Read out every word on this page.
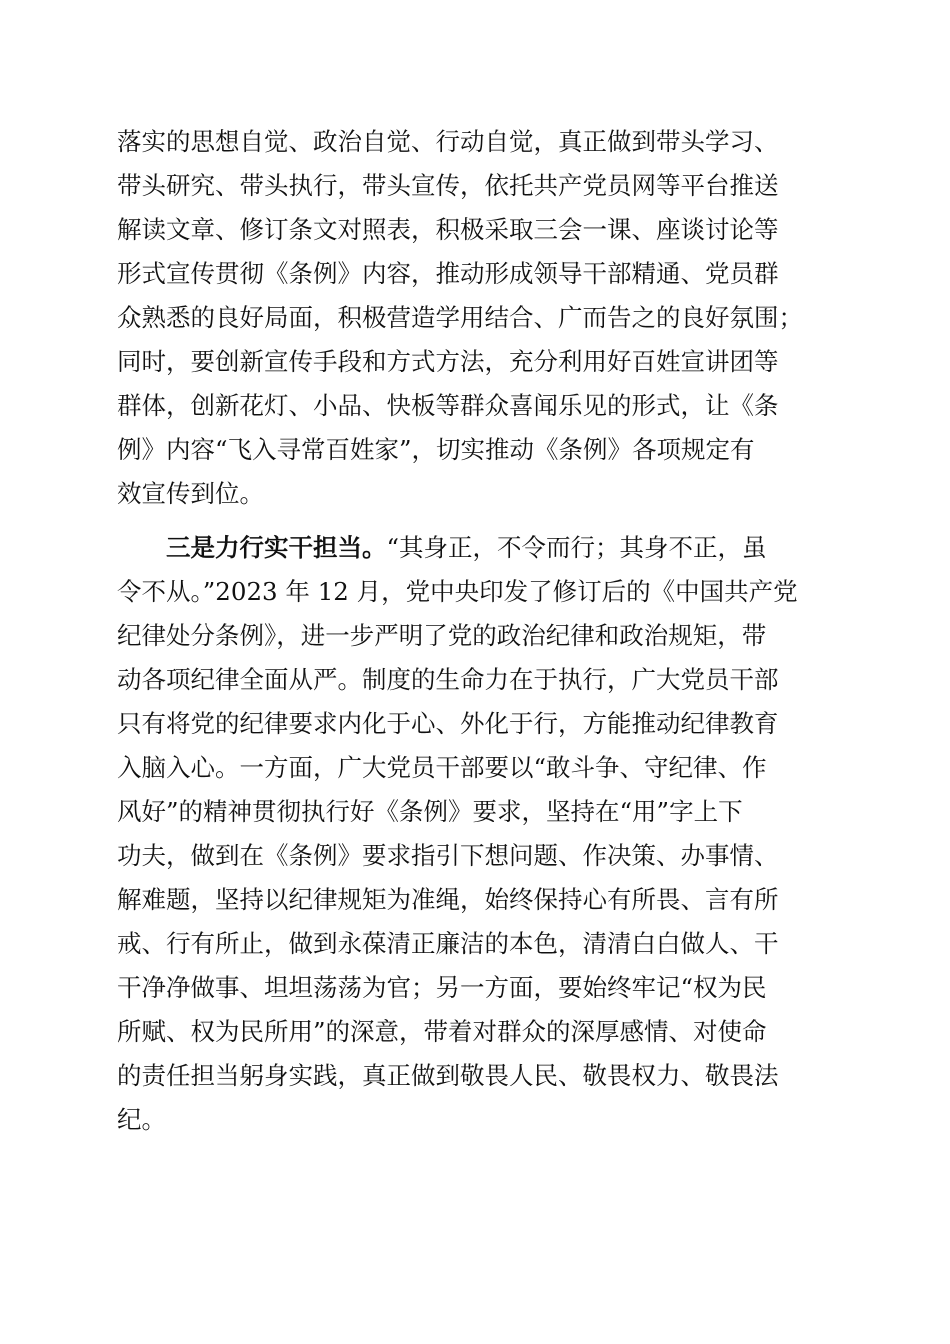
落实的思想自觉、政治自觉、行动自觉，真正做到带头学习、
带头研究、带头执行，带头宣传，依托共产党员网等平台推送
解读文章、修订条文对照表，积极采取三会一课、座谈讨论等
形式宣传贯彻《条例》内容，推动形成领导干部精通、党员群
众熟悉的良好局面，积极营造学用结合、广而告之的良好氛围；
同时，要创新宣传手段和方式方法，充分利用好百姓宣讲团等
群体，创新花灯、小品、快板等群众喜闻乐见的形式，让《条
例》内容“飞入寻常百姓家”，切实推动《条例》各项规定有
效宣传到位。
三是力行实干担当。“其身正，不令而行；其身不正，虽
令不从。”2023 年 12 月，党中央印发了修订后的《中国共产党
纪律处分条例》，进一步严明了党的政治纪律和政治规矩，带
动各项纪律全面从严。制度的生命力在于执行，广大党员干部
只有将党的纪律要求内化于心、外化于行，方能推动纪律教育
入脑入心。一方面，广大党员干部要以“敢斗争、守纪律、作
风好”的精神贯彻执行好《条例》要求，坚持在“用”字上下
功夫，做到在《条例》要求指引下想问题、作决策、办事情、
解难题，坚持以纪律规矩为准绳，始终保持心有所畏、言有所
戒、行有所止，做到永葆清正廉洁的本色，清清白白做人、干
干净净做事、坦坦荡荡为官；另一方面，要始终牢记“权为民
所赋、权为民所用”的深意，带着对群众的深厚感情、对使命
的责任担当躬身实践，真正做到敬畏人民、敬畏权力、敬畏法
纪。
